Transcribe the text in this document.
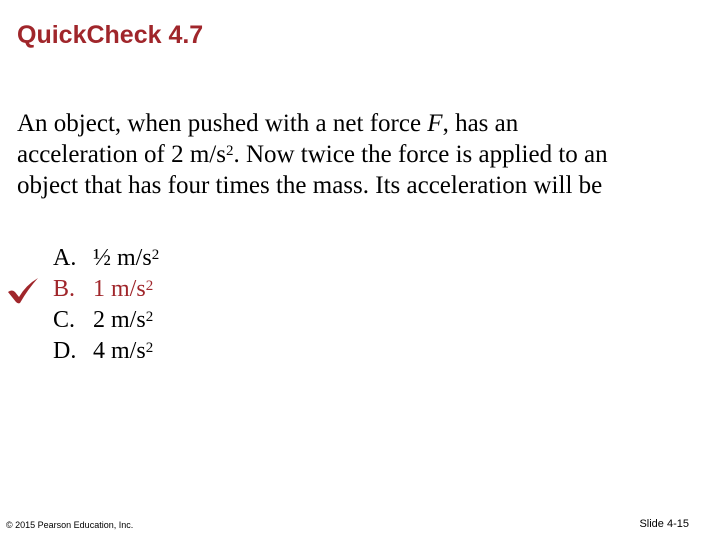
QuickCheck 4.7
An object, when pushed with a net force F, has an
acceleration of 2 $m/s^2$. Now twice the force is applied to an
object that has four times the mass. Its acceleration will be
A. ½ $m/s^2$
B. 1 $m/s^2$
C. 2 $m/s^2$
D. 4 $m/s^2$
© 2015 Pearson Education, Inc.	Slide 4-15
